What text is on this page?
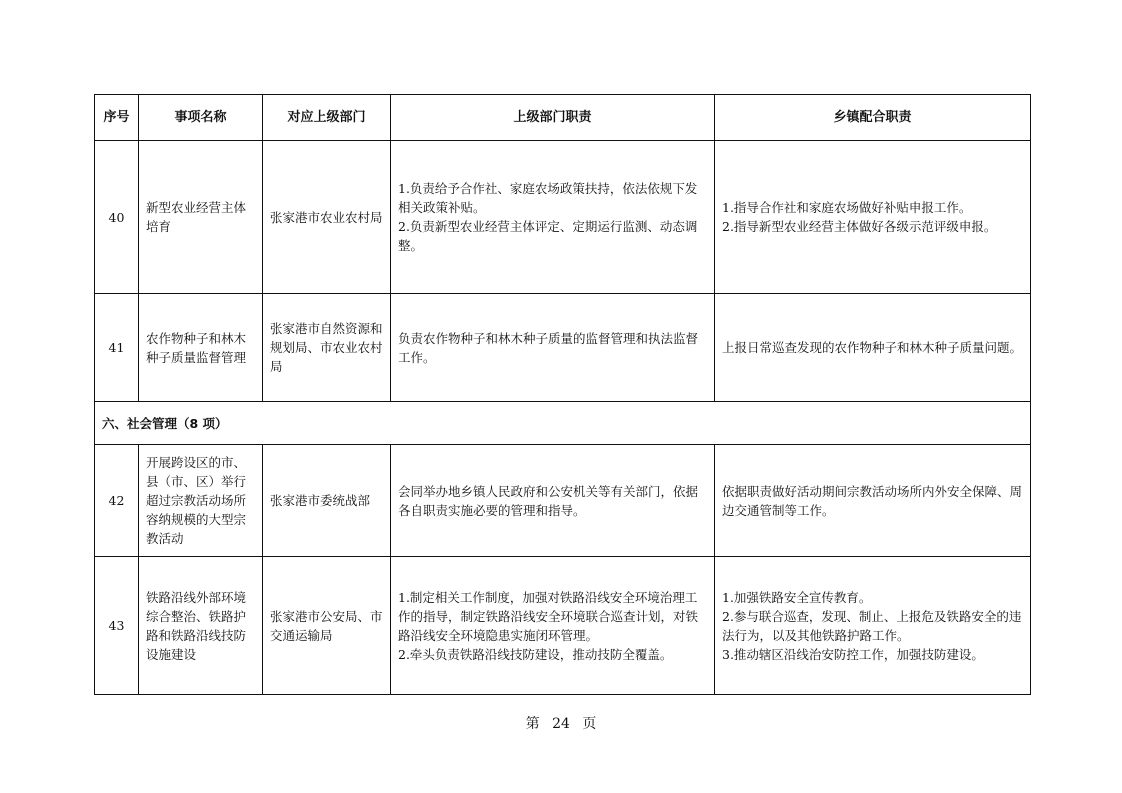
序号	事项名称	对应上级部门	上级部门职责	乡镇配合职责
40	新型农业经营主体培育	张家港市农业农村局	1.负责给予合作社、家庭农场政策扶持，依法依规下发相关政策补贴。
2.负责新型农业经营主体评定、定期运行监测、动态调整。	1.指导合作社和家庭农场做好补贴申报工作。
2.指导新型农业经营主体做好各级示范评级申报。

41	农作物种子和林木种子质量监督管理	张家港市自然资源和规划局、市农业农村局	负责农作物种子和林木种子质量的监督管理和执法监督工作。	上报日常巡查发现的农作物种子和林木种子质量问题。

六、社会管理（8 项）				
42	开展跨设区的市、县（市、区）举行超过宗教活动场所容纳规模的大型宗教活动	张家港市委统战部	会同举办地乡镇人民政府和公安机关等有关部门，依据各自职责实施必要的管理和指导。	依据职责做好活动期间宗教活动场所内外安全保障、周边交通管制等工作。

43	铁路沿线外部环境综合整治、铁路护路和铁路沿线技防设施建设	张家港市公安局、市交通运输局	1.制定相关工作制度，加强对铁路沿线安全环境治理工作的指导，制定铁路沿线安全环境联合巡查计划，对铁路沿线安全环境隐患实施闭环管理。
2.牵头负责铁路沿线技防建设，推动技防全覆盖。	1.加强铁路安全宣传教育。
2.参与联合巡查，发现、制止、上报危及铁路安全的违法行为，以及其他铁路护路工作。
3.推动辖区沿线治安防控工作，加强技防建设。
第 24 页
